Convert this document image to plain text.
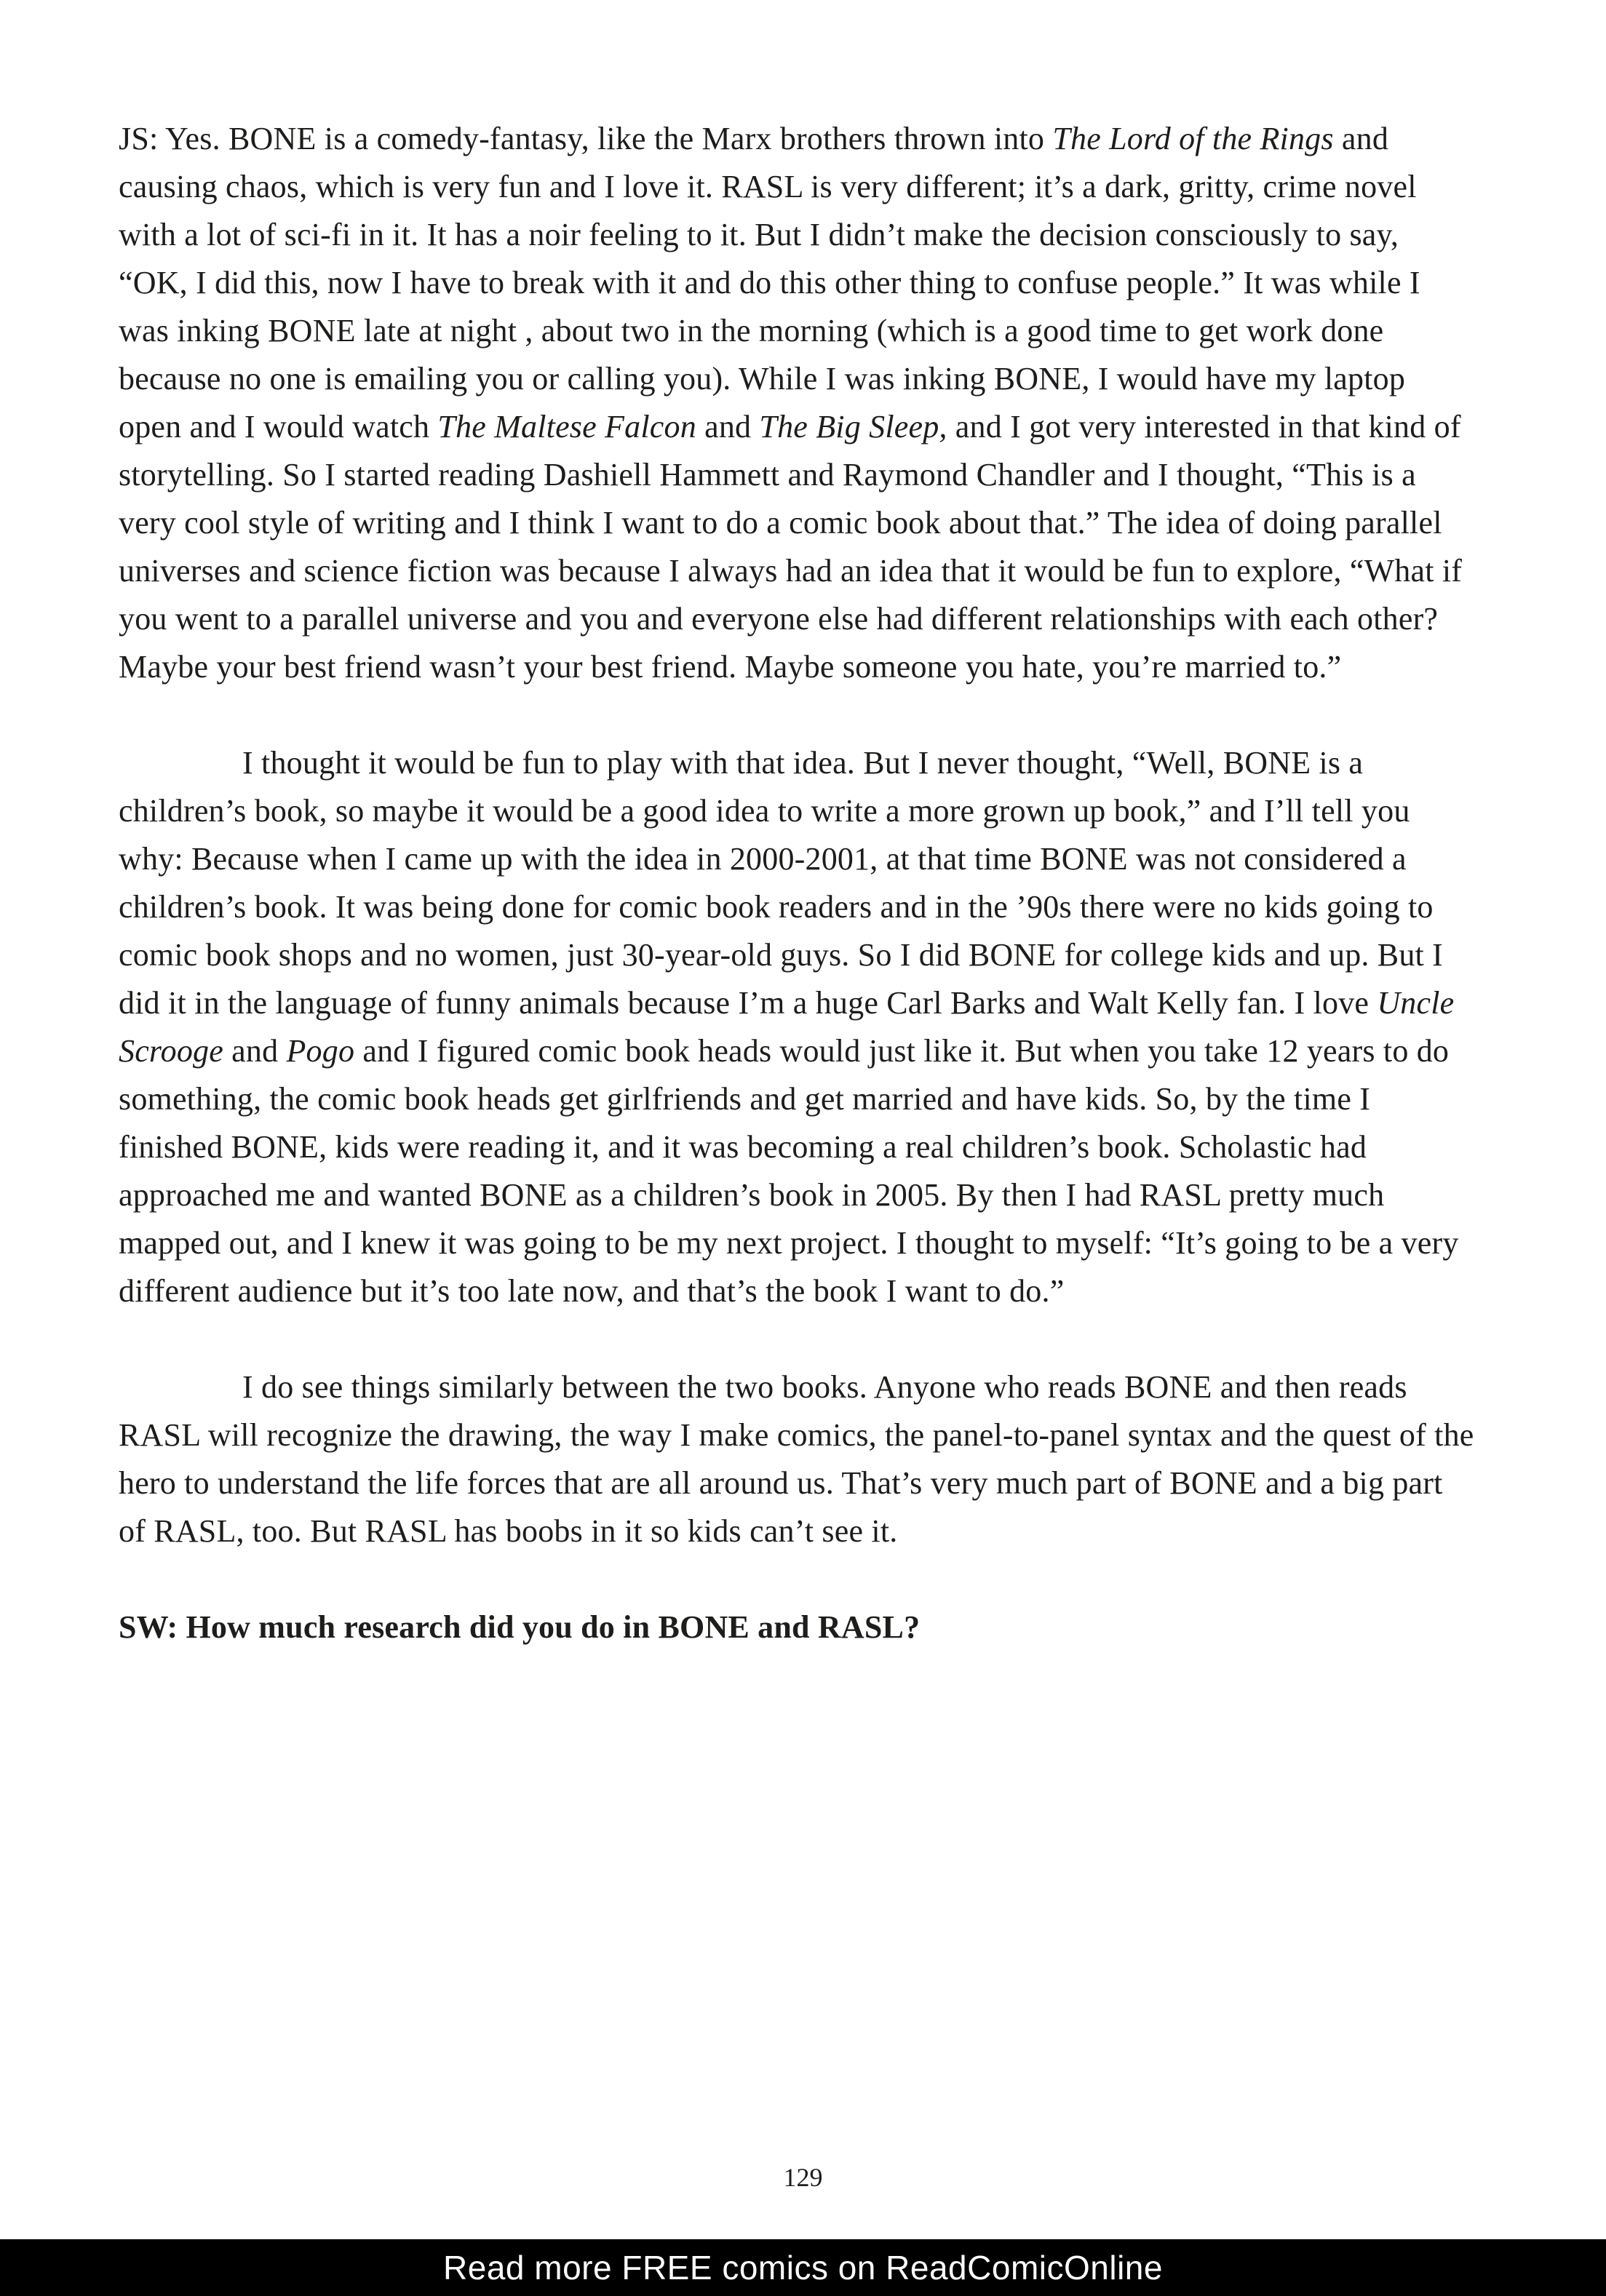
JS: Yes. BONE is a comedy-fantasy, like the Marx brothers thrown into The Lord of the Rings and causing chaos, which is very fun and I love it. RASL is very different; it’s a dark, gritty, crime novel with a lot of sci-fi in it. It has a noir feeling to it. But I didn’t make the decision consciously to say, “OK, I did this, now I have to break with it and do this other thing to confuse people.” It was while I was inking BONE late at night , about two in the morning (which is a good time to get work done because no one is emailing you or calling you). While I was inking BONE, I would have my laptop open and I would watch The Maltese Falcon and The Big Sleep, and I got very interested in that kind of storytelling. So I started reading Dashiell Hammett and Raymond Chandler and I thought, “This is a very cool style of writing and I think I want to do a comic book about that.” The idea of doing parallel universes and science fiction was because I always had an idea that it would be fun to explore, “What if you went to a parallel universe and you and everyone else had different relationships with each other? Maybe your best friend wasn’t your best friend. Maybe someone you hate, you’re married to.”

I thought it would be fun to play with that idea. But I never thought, “Well, BONE is a children’s book, so maybe it would be a good idea to write a more grown up book,” and I’ll tell you why: Because when I came up with the idea in 2000-2001, at that time BONE was not considered a children’s book. It was being done for comic book readers and in the ’90s there were no kids going to comic book shops and no women, just 30-year-old guys. So I did BONE for college kids and up. But I did it in the language of funny animals because I’m a huge Carl Barks and Walt Kelly fan. I love Uncle Scrooge and Pogo and I figured comic book heads would just like it. But when you take 12 years to do something, the comic book heads get girlfriends and get married and have kids. So, by the time I finished BONE, kids were reading it, and it was becoming a real children’s book. Scholastic had approached me and wanted BONE as a children’s book in 2005. By then I had RASL pretty much mapped out, and I knew it was going to be my next project. I thought to myself: “It’s going to be a very different audience but it’s too late now, and that’s the book I want to do.”

I do see things similarly between the two books. Anyone who reads BONE and then reads RASL will recognize the drawing, the way I make comics, the panel-to-panel syntax and the quest of the hero to understand the life forces that are all around us. That’s very much part of BONE and a big part of RASL, too. But RASL has boobs in it so kids can’t see it.

SW: How much research did you do in BONE and RASL?

129
Read more FREE comics on ReadComicOnline
